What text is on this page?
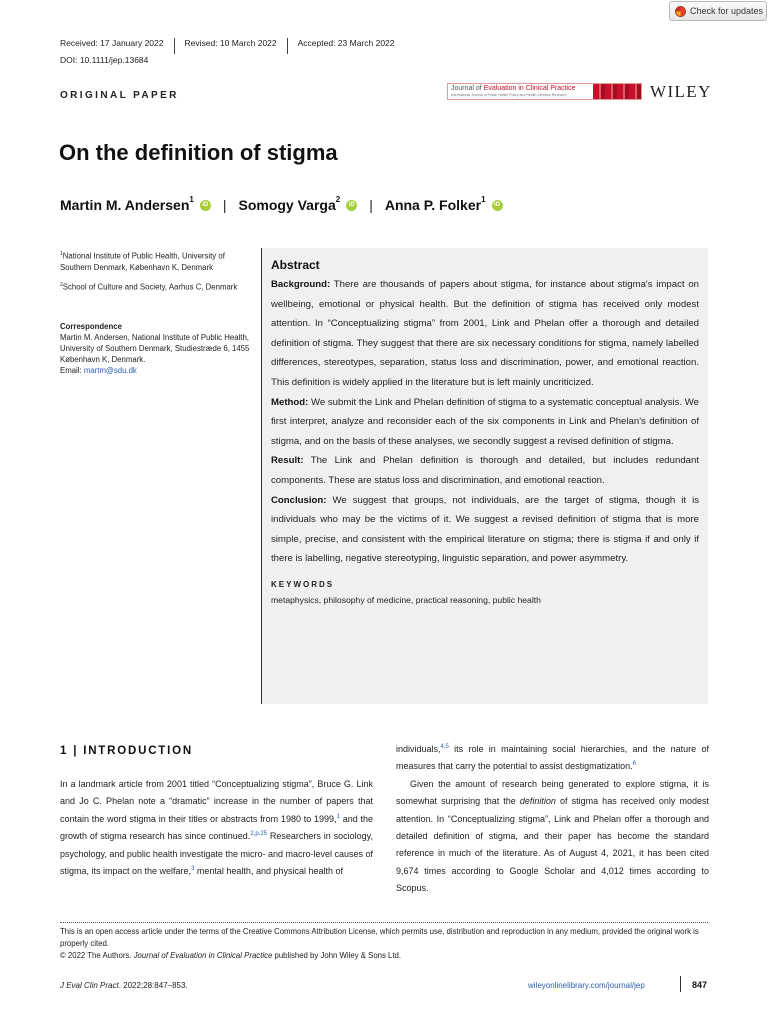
Check for updates
Received: 17 January 2022	Revised: 10 March 2022	Accepted: 23 March 2022
DOI: 10.1111/jep.13684
ORIGINAL PAPER
Journal of Evaluation in Clinical Practice
International Journal of Public Health Policy and Health Services Research	WILEY
On the definition of stigma
Martin M. Andersen$^1$
iD | Somogy Varga$^2$
iD | Anna P. Folker$^1$
iD
$^1$National Institute of Public Health, University of Southern Denmark, København K, Denmark
$^2$School of Culture and Society, Aarhus C, Denmark
Correspondence
Martin M. Andersen, National Institute of Public Health, University of Southern Denmark, Studiestræde 6, 1455 København K, Denmark.
Email: martm@sdu.dk
Abstract

Background: There are thousands of papers about stigma, for instance about stigma's impact on wellbeing, emotional or physical health. But the definition of stigma has received only modest attention. In “Conceptualizing stigma” from 2001, Link and Phelan offer a thorough and detailed definition of stigma. They suggest that there are six necessary conditions for stigma, namely labelled differences, stereotypes, separation, status loss and discrimination, power, and emotional reaction. This definition is widely applied in the literature but is left mainly uncriticized.

Method: We submit the Link and Phelan definition of stigma to a systematic conceptual analysis. We first interpret, analyze and reconsider each of the six components in Link and Phelan's definition of stigma, and on the basis of these analyses, we secondly suggest a revised definition of stigma.

Result: The Link and Phelan definition is thorough and detailed, but includes redundant components. These are status loss and discrimination, and emotional reaction.

Conclusion: We suggest that groups, not individuals, are the target of stigma, though it is individuals who may be the victims of it. We suggest a revised definition of stigma that is more simple, precise, and consistent with the empirical literature on stigma; there is stigma if and only if there is labelling, negative stereotyping, linguistic separation, and power asymmetry.

KEYWORDS
metaphysics, philosophy of medicine, practical reasoning, public health
1 | INTRODUCTION

In a landmark article from 2001 titled “Conceptualizing stigma”, Bruce G. Link and Jo C. Phelan note a “dramatic” increase in the number of papers that contain the word stigma in their titles or abstracts from 1980 to 1999,$^1$ and the growth of stigma research has since continued.$^{2,p.25}$ Researchers in sociology, psychology, and public health investigate the micro- and macro-level causes of stigma, its impact on the welfare,$^3$ mental health, and physical health of

individuals,$^{4,5}$ its role in maintaining social hierarchies, and the nature of measures that carry the potential to assist destigmatization.$^6$

Given the amount of research being generated to explore stigma, it is somewhat surprising that the definition of stigma has received only modest attention. In “Conceptualizing stigma”, Link and Phelan offer a thorough and detailed definition of stigma, and their paper has become the standard reference in much of the literature. As of August 4, 2021, it has been cited 9,674 times according to Google Scholar and 4,012 times according to Scopus.

This is an open access article under the terms of the Creative Commons Attribution License, which permits use, distribution and reproduction in any medium, provided the original work is properly cited.
© 2022 The Authors. Journal of Evaluation in Clinical Practice published by John Wiley & Sons Ltd.
J Eval Clin Pract. 2022;28:847–853.	wileyonlinelibrary.com/journal/jep	847
